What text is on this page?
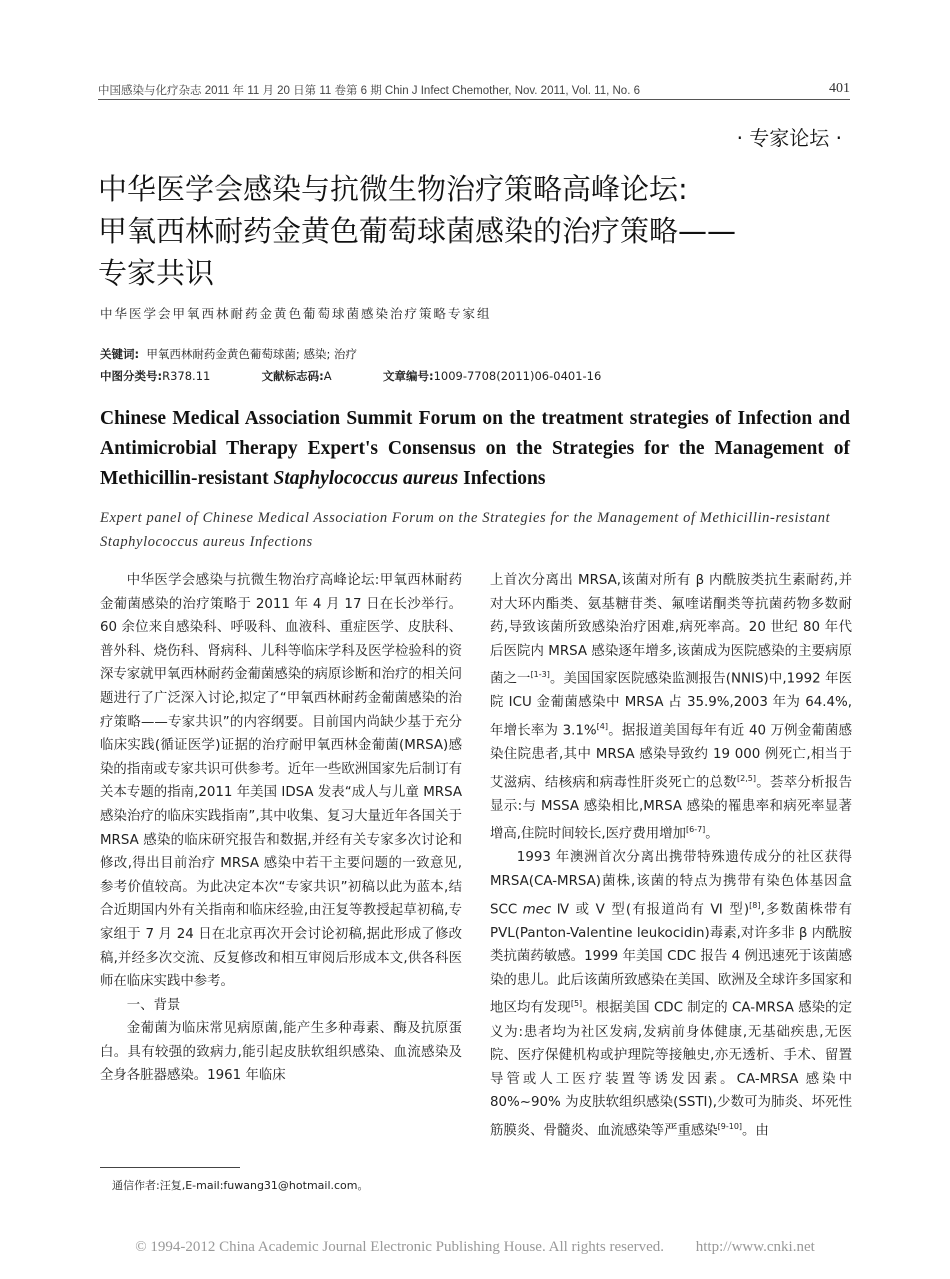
中国感染与化疗杂志 2011 年 11 月 20 日第 11 卷第 6 期 Chin J Infect Chemother, Nov. 2011, Vol. 11, No. 6	401
· 专家论坛 ·
中华医学会感染与抗微生物治疗策略高峰论坛:
甲氧西林耐药金黄色葡萄球菌感染的治疗策略——
专家共识
中华医学会甲氧西林耐药金黄色葡萄球菌感染治疗策略专家组
关键词: 甲氧西林耐药金黄色葡萄球菌; 感染; 治疗
中图分类号:R378.11	文献标志码:A	文章编号:1009-7708(2011)06-0401-16
Chinese Medical Association Summit Forum on the treatment strategies of Infection and Antimicrobial Therapy Expert's Consensus on the Strategies for the Management of Methicillin-resistant Staphylococcus aureus Infections
Expert panel of Chinese Medical Association Forum on the Strategies for the Management of Methicillin-resistant Staphylococcus aureus Infections

中华医学会感染与抗微生物治疗高峰论坛:甲氧西林耐药金葡菌感染的治疗策略于 2011 年 4 月 17 日在长沙举行。60 余位来自感染科、呼吸科、血液科、重症医学、皮肤科、普外科、烧伤科、肾病科、儿科等临床学科及医学检验科的资深专家就甲氧西林耐药金葡菌感染的病原诊断和治疗的相关问题进行了广泛深入讨论,拟定了“甲氧西林耐药金葡菌感染的治疗策略——专家共识”的内容纲要。目前国内尚缺少基于充分临床实践(循证医学)证据的治疗耐甲氧西林金葡菌(MRSA)感染的指南或专家共识可供参考。近年一些欧洲国家先后制订有关本专题的指南,2011 年美国 IDSA 发表“成人与儿童 MRSA 感染治疗的临床实践指南”,其中收集、复习大量近年各国关于 MRSA 感染的临床研究报告和数据,并经有关专家多次讨论和修改,得出目前治疗 MRSA 感染中若干主要问题的一致意见,参考价值较高。为此决定本次“专家共识”初稿以此为蓝本,结合近期国内外有关指南和临床经验,由汪复等教授起草初稿,专家组于 7 月 24 日在北京再次开会讨论初稿,据此形成了修改稿,并经多次交流、反复修改和相互审阅后形成本文,供各科医师在临床实践中参考。

一、背景

金葡菌为临床常见病原菌,能产生多种毒素、酶及抗原蛋白。具有较强的致病力,能引起皮肤软组织感染、血流感染及全身各脏器感染。1961 年临床

上首次分离出 MRSA,该菌对所有 β 内酰胺类抗生素耐药,并对大环内酯类、氨基糖苷类、氟喹诺酮类等抗菌药物多数耐药,导致该菌所致感染治疗困难,病死率高。20 世纪 80 年代后医院内 MRSA 感染逐年增多,该菌成为医院感染的主要病原菌之一[1-3]。美国国家医院感染监测报告(NNIS)中,1992 年医院 ICU 金葡菌感染中 MRSA 占 35.9%,2003 年为 64.4%,年增长率为 3.1%[4]。据报道美国每年有近 40 万例金葡菌感染住院患者,其中 MRSA 感染导致约 19 000 例死亡,相当于艾滋病、结核病和病毒性肝炎死亡的总数[2,5]。荟萃分析报告显示:与 MSSA 感染相比,MRSA 感染的罹患率和病死率显著增高,住院时间较长,医疗费用增加[6-7]。

1993 年澳洲首次分离出携带特殊遗传成分的社区获得 MRSA(CA-MRSA)菌株,该菌的特点为携带有染色体基因盒 SCC mec Ⅳ 或 Ⅴ 型(有报道尚有 Ⅵ 型)[8],多数菌株带有 PVL(Panton-Valentine leukocidin)毒素,对许多非 β 内酰胺类抗菌药敏感。1999 年美国 CDC 报告 4 例迅速死于该菌感染的患儿。此后该菌所致感染在美国、欧洲及全球许多国家和地区均有发现[5]。根据美国 CDC 制定的 CA-MRSA 感染的定义为:患者均为社区发病,发病前身体健康,无基础疾患,无医院、医疗保健机构或护理院等接触史,亦无透析、手术、留置导管或人工医疗装置等诱发因素。CA-MRSA 感染中 80%~90% 为皮肤软组织感染(SSTI),少数可为肺炎、坏死性筋膜炎、骨髓炎、血流感染等严重感染[9-10]。由

通信作者:汪复,E-mail:fuwang31@hotmail.com。
© 1994-2012 China Academic Journal Electronic Publishing House. All rights reserved. http://www.cnki.net
